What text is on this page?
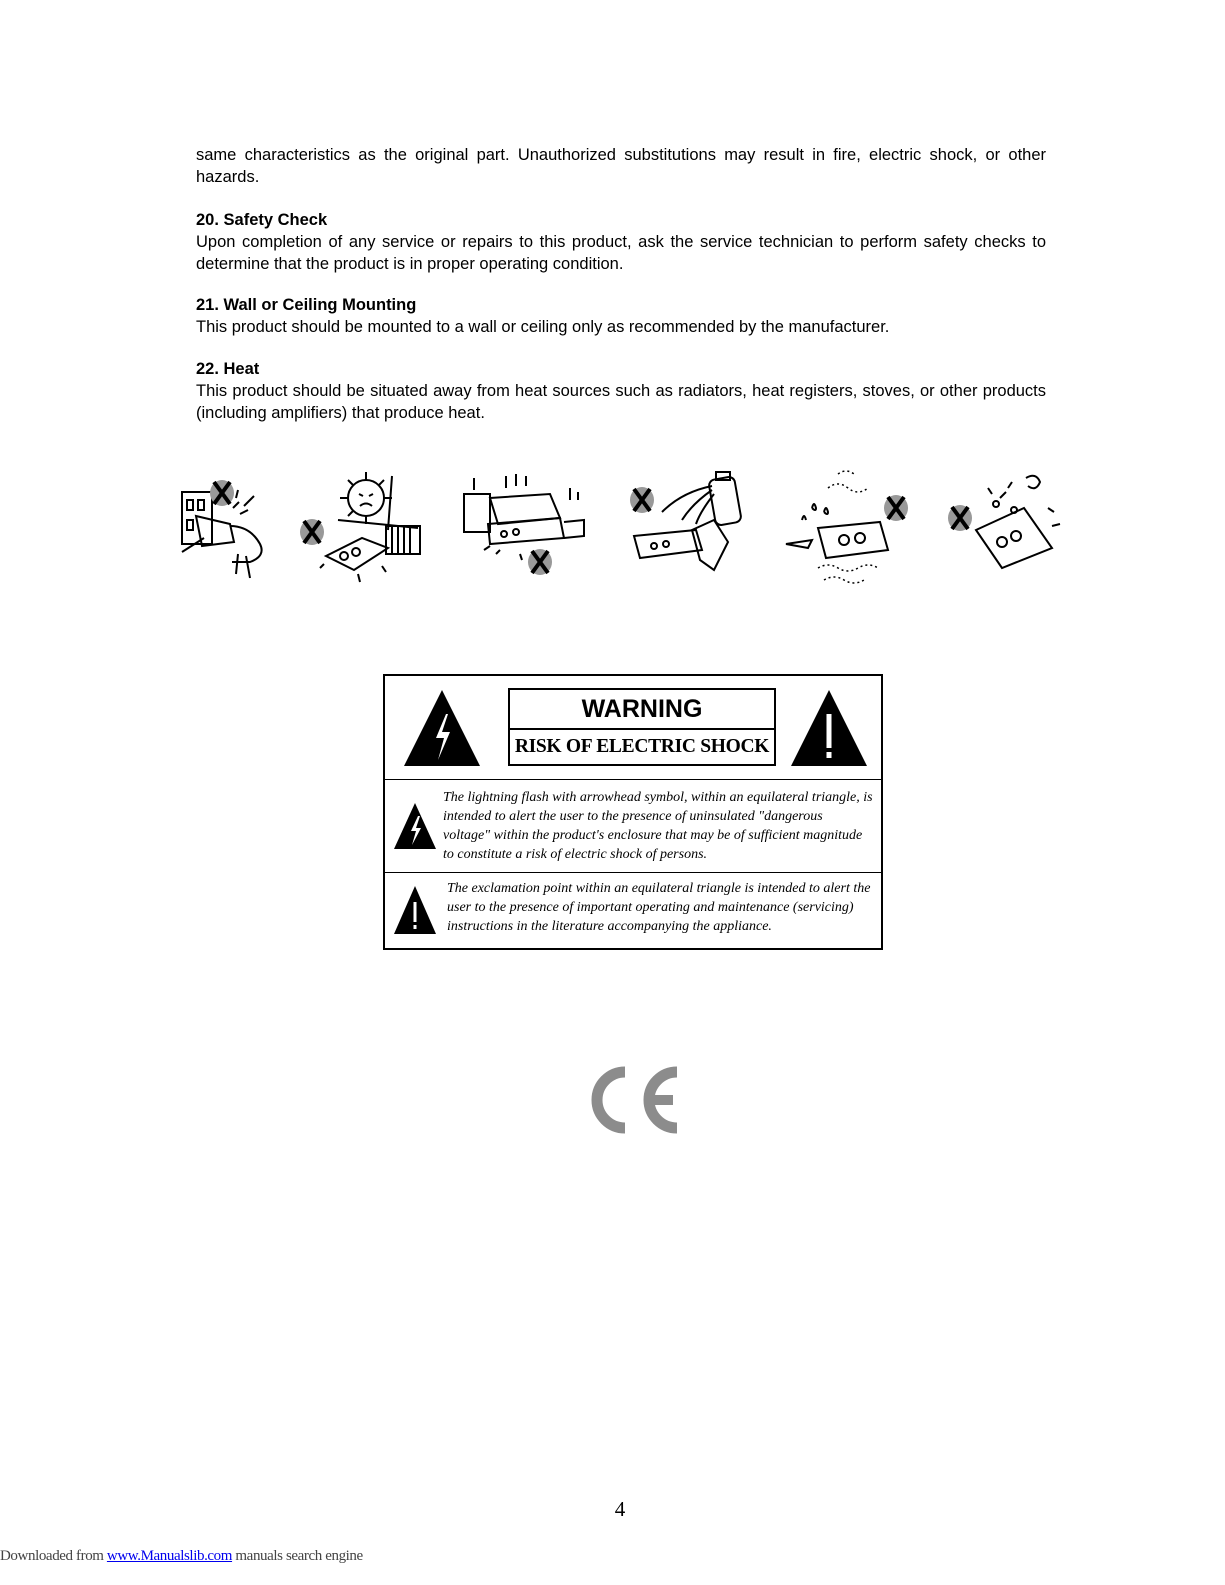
same characteristics as the original part. Unauthorized substitutions may result in fire, electric shock, or other hazards.
20. Safety Check
Upon completion of any service or repairs to this product, ask the service technician to perform safety checks to determine that the product is in proper operating condition.
21. Wall or Ceiling Mounting
This product should be mounted to a wall or ceiling only as recommended by the manufacturer.
22. Heat
This product should be situated away from heat sources such as radiators, heat registers, stoves, or other products (including amplifiers) that produce heat.
WARNING
RISK OF ELECTRIC SHOCK
The lightning flash with arrowhead symbol, within an equilateral triangle, is intended to alert the user to the presence of uninsulated "dangerous voltage" within the product's enclosure that may be of sufficient magnitude to constitute a risk of electric shock of persons.
The exclamation point within an equilateral triangle is intended to alert the user to the presence of important operating and maintenance (servicing) instructions in the literature accompanying the appliance.
4
Downloaded from www.Manualslib.com manuals search engine
